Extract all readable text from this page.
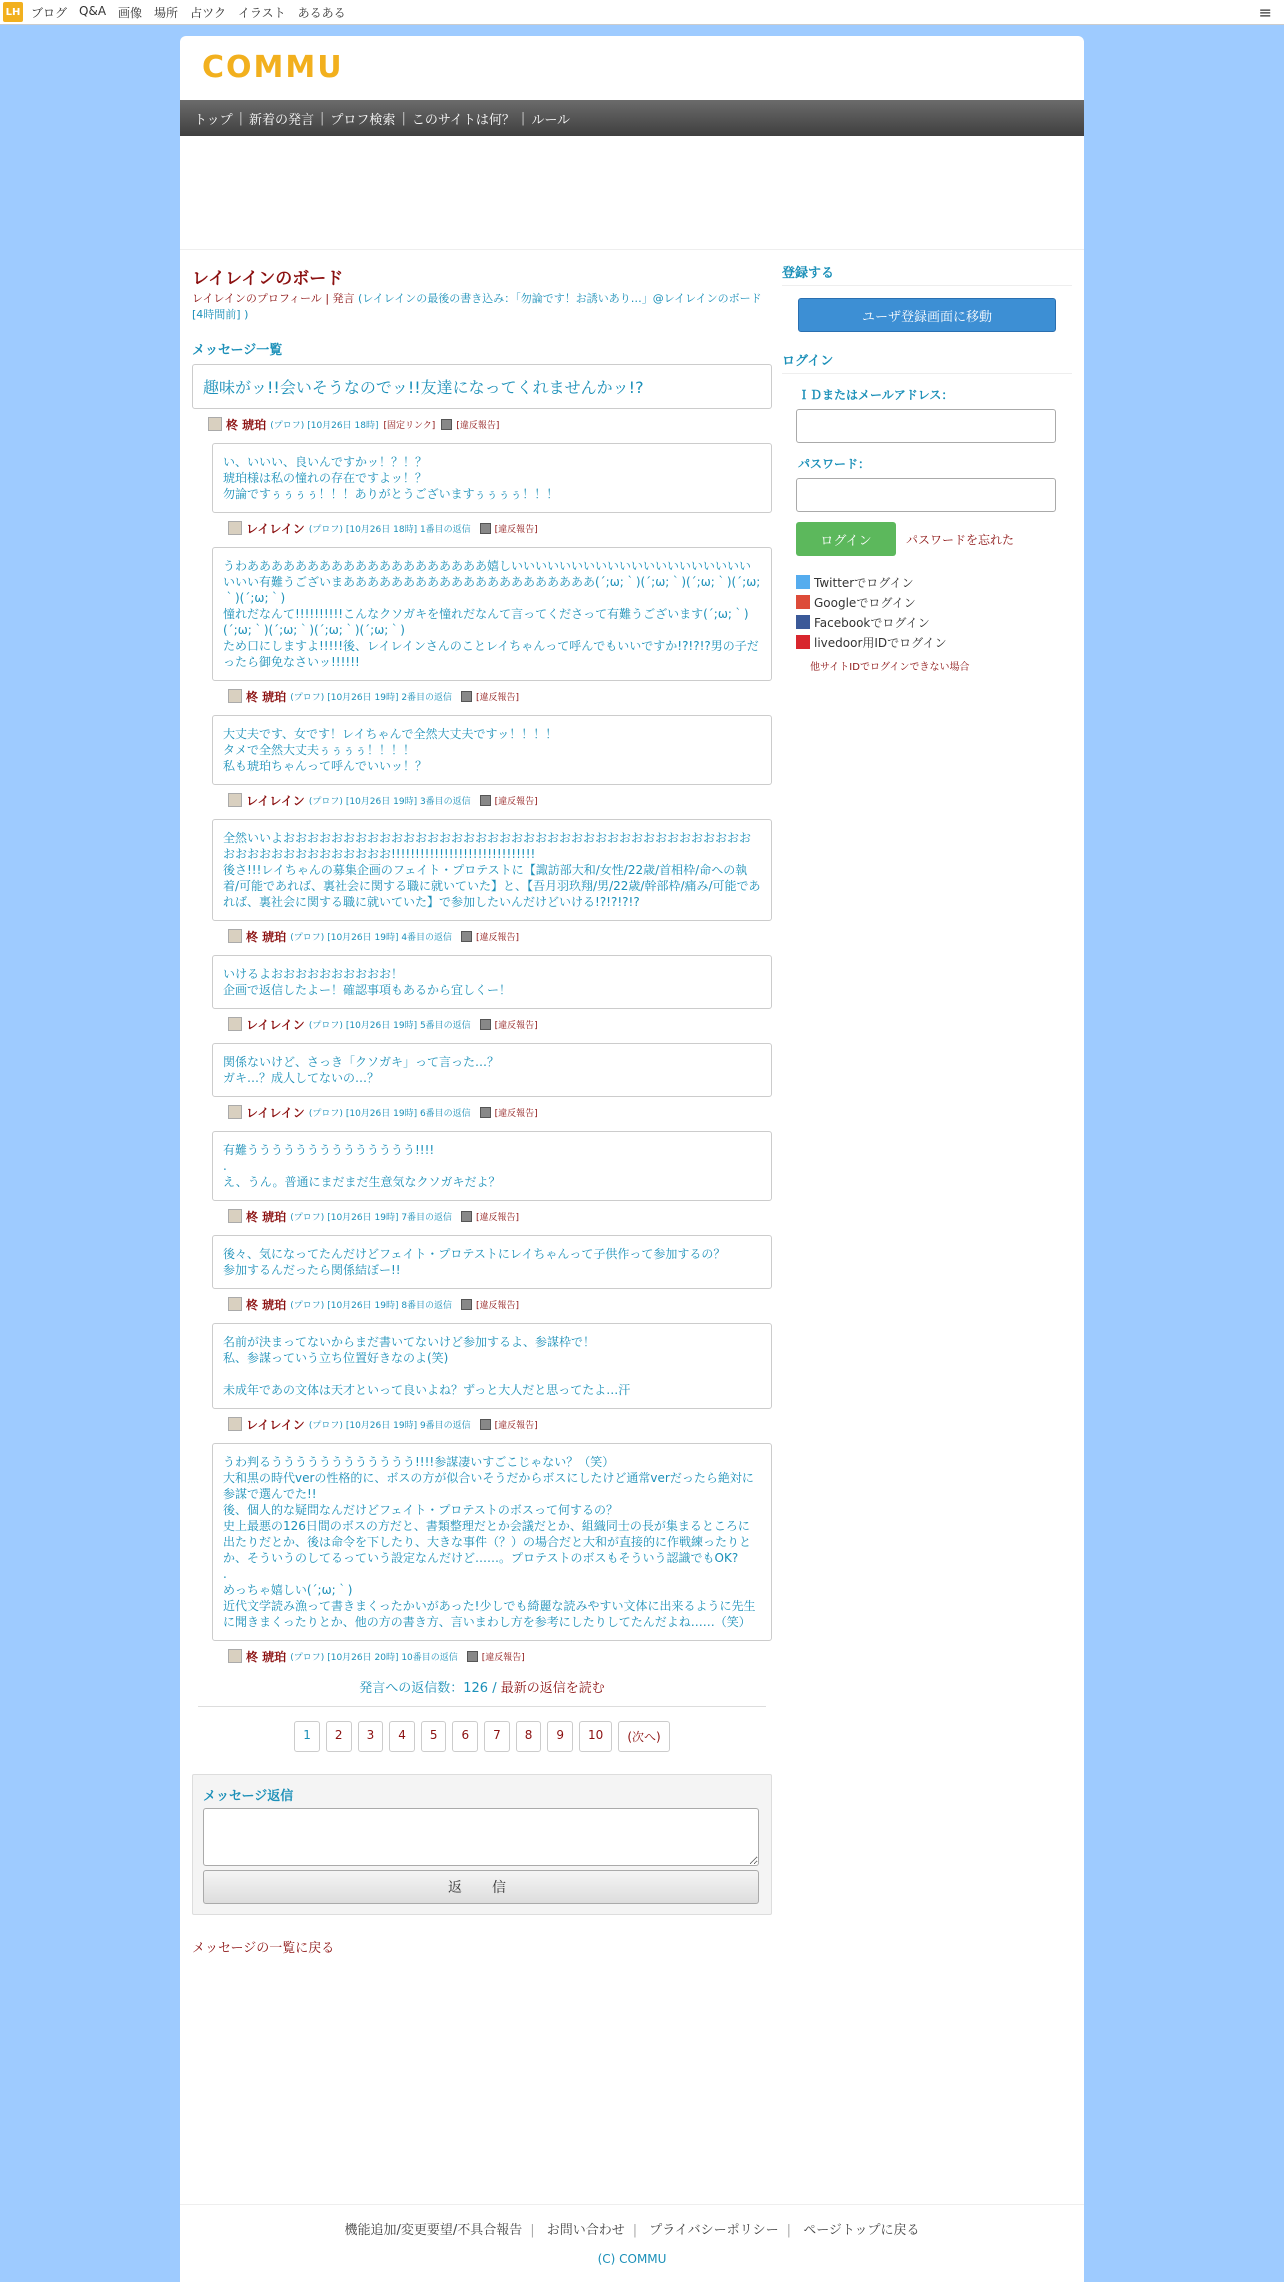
LH ブログ Q&A 画像 場所 占ツク イラスト あるある	≡
COMMU
トップ | 新着の発言 | プロフ検索 | このサイトは何？ | ルール
レイレインのボード
レイレインのプロフィール | 発言 (レイレインの最後の書き込み：「勿論です！お誘いあり…」@レイレインのボード [4時間前] )
メッセージ一覧
趣味がッ!!会いそうなのでッ!!友達になってくれませんかッ!?
柊 琥珀 (プロフ) [10月26日 18時] [固定リンク] [違反報告]
い、いいい、良いんですかッ！？！？
琥珀様は私の憧れの存在ですよッ！？
勿論ですぅぅぅぅ！！！ありがとうございますぅぅぅぅ！！！
レイレイン (プロフ) [10月26日 18時] 1番目の返信	[違反報告]
うわああああああああああああああああああああ嬉しいいいいいいいいいいいいいいいいいいいいいいい有難うございまあああああああああああああああああああああ(´;ω;｀)(´;ω;｀)(´;ω;｀)(´;ω;｀)(´;ω;｀)
憧れだなんて!!!!!!!!!!こんなクソガキを憧れだなんて言ってくださって有難うございます(´;ω;｀)(´;ω;｀)(´;ω;｀)(´;ω;｀)(´;ω;｀)
ため口にしますよ!!!!!後、レイレインさんのことレイちゃんって呼んでもいいですか!?!?!?男の子だったら御免なさいッ!!!!!!
柊 琥珀 (プロフ) [10月26日 19時] 2番目の返信	[違反報告]
大丈夫です、女です！レイちゃんで全然大丈夫ですッ！！！！
タメで全然大丈夫ぅぅぅぅ！！！！
私も琥珀ちゃんって呼んでいいッ！？
レイレイン (プロフ) [10月26日 19時] 3番目の返信	[違反報告]
全然いいよおおおおおおおおおおおおおおおおおおおおおおおおおおおおおおおおおおおおおおおおおおおおおおおおおおおおお!!!!!!!!!!!!!!!!!!!!!!!!!!!!!!
後さ!!!レイちゃんの募集企画のフェイト・プロテストに【諏訪部大和/女性/22歳/首相枠/命への執着/可能であれば、裏社会に関する職に就いていた】と、【吾月羽玖翔/男/22歳/幹部枠/痛み/可能であれば、裏社会に関する職に就いていた】で参加したいんだけどいける!?!?!?!?
柊 琥珀 (プロフ) [10月26日 19時] 4番目の返信	[違反報告]
いけるよおおおおおおおおおお！
企画で返信したよー！確認事項もあるから宜しくー！
レイレイン (プロフ) [10月26日 19時] 5番目の返信	[違反報告]
関係ないけど、さっき「クソガキ」って言った…？
ガキ…？成人してないの…？
レイレイン (プロフ) [10月26日 19時] 6番目の返信	[違反報告]
有難うううううううううううううう!!!!
.
え、うん。普通にまだまだ生意気なクソガキだよ？
柊 琥珀 (プロフ) [10月26日 19時] 7番目の返信	[違反報告]
後々、気になってたんだけどフェイト・プロテストにレイちゃんって子供作って参加するの？
参加するんだったら関係結ぼー!!
柊 琥珀 (プロフ) [10月26日 19時] 8番目の返信	[違反報告]
名前が決まってないからまだ書いてないけど参加するよ、参謀枠で！
私、参謀っていう立ち位置好きなのよ(笑)

未成年であの文体は天才といって良いよね？ずっと大人だと思ってたよ…汗
レイレイン (プロフ) [10月26日 19時] 9番目の返信	[違反報告]
うわ判るうううううううううううう!!!!参謀凄いすごこじゃない？（笑）
大和黒の時代verの性格的に、ボスの方が似合いそうだからボスにしたけど通常verだったら絶対に参謀で選んでた!!
後、個人的な疑問なんだけどフェイト・プロテストのボスって何するの？
史上最悪の126日間のボスの方だと、書類整理だとか会議だとか、組織同士の長が集まるところに出たりだとか、後は命令を下したり、大きな事件（？）の場合だと大和が直接的に作戦練ったりとか、そういうのしてるっていう設定なんだけど……。プロテストのボスもそういう認識でもOK?
.
めっちゃ嬉しい(´;ω;｀)
近代文学読み漁って書きまくったかいがあった!少しでも綺麗な読みやすい文体に出来るように先生に聞きまくったりとか、他の方の書き方、言いまわし方を参考にしたりしてたんだよね……（笑）
柊 琥珀 (プロフ) [10月26日 20時] 10番目の返信	[違反報告]
発言への返信数：126 / 最新の返信を読む
1	2	3	4	5	6	7	8	9	10	(次へ)
メッセージ返信
返　信
メッセージの一覧に戻る
登録する
ユーザ登録画面に移動
ログイン
ＩＤまたはメールアドレス：
パスワード：
ログイン	パスワードを忘れた
Twitterでログイン
Googleでログイン
Facebookでログイン
livedoor用IDでログイン
他サイトIDでログインできない場合
機能追加/変更要望/不具合報告 | お問い合わせ | プライバシーポリシー | ページトップに戻る
(C) COMMU
